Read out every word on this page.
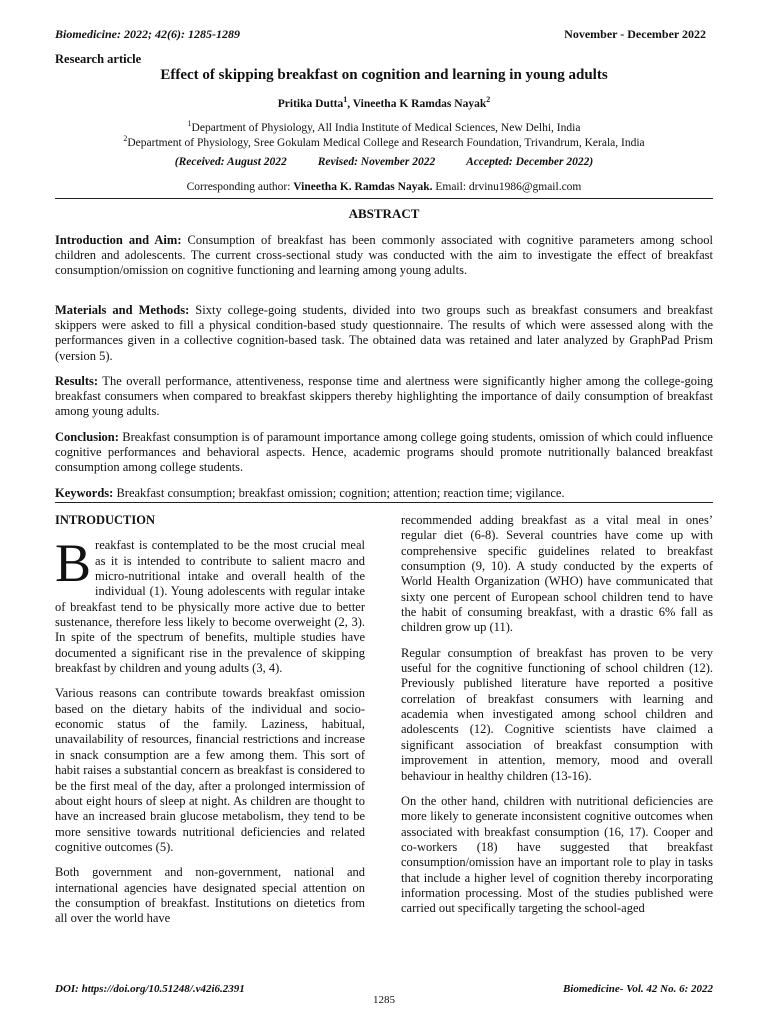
Biomedicine: 2022; 42(6): 1285-1289	November - December 2022
Research article
Effect of skipping breakfast on cognition and learning in young adults
Pritika Dutta$^1$, Vineetha K Ramdas Nayak$^2$
$^1$Department of Physiology, All India Institute of Medical Sciences, New Delhi, India
$^2$Department of Physiology, Sree Gokulam Medical College and Research Foundation, Trivandrum, Kerala, India
(Received: August 2022	Revised: November 2022	Accepted: December 2022)
Corresponding author: Vineetha K. Ramdas Nayak. Email: drvinu1986@gmail.com
ABSTRACT

Introduction and Aim: Consumption of breakfast has been commonly associated with cognitive parameters among school children and adolescents. The current cross-sectional study was conducted with the aim to investigate the effect of breakfast consumption/omission on cognitive functioning and learning among young adults.

Materials and Methods: Sixty college-going students, divided into two groups such as breakfast consumers and breakfast skippers were asked to fill a physical condition-based study questionnaire. The results of which were assessed along with the performances given in a collective cognition-based task. The obtained data was retained and later analyzed by GraphPad Prism (version 5).

Results: The overall performance, attentiveness, response time and alertness were significantly higher among the college-going breakfast consumers when compared to breakfast skippers thereby highlighting the importance of daily consumption of breakfast among young adults.

Conclusion: Breakfast consumption is of paramount importance among college going students, omission of which could influence cognitive performances and behavioral aspects. Hence, academic programs should promote nutritionally balanced breakfast consumption among college students.

Keywords: Breakfast consumption; breakfast omission; cognition; attention; reaction time; vigilance.

INTRODUCTION

Breakfast is contemplated to be the most crucial meal as it is intended to contribute to salient macro and micro-nutritional intake and overall health of the individual (1). Young adolescents with regular intake of breakfast tend to be physically more active due to better sustenance, therefore less likely to become overweight (2, 3). In spite of the spectrum of benefits, multiple studies have documented a significant rise in the prevalence of skipping breakfast by children and young adults (3, 4).

Various reasons can contribute towards breakfast omission based on the dietary habits of the individual and socio-economic status of the family. Laziness, habitual, unavailability of resources, financial restrictions and increase in snack consumption are a few among them. This sort of habit raises a substantial concern as breakfast is considered to be the first meal of the day, after a prolonged intermission of about eight hours of sleep at night. As children are thought to have an increased brain glucose metabolism, they tend to be more sensitive towards nutritional deficiencies and related cognitive outcomes (5).

Both government and non-government, national and international agencies have designated special attention on the consumption of breakfast. Institutions on dietetics from all over the world have

recommended adding breakfast as a vital meal in ones’ regular diet (6-8). Several countries have come up with comprehensive specific guidelines related to breakfast consumption (9, 10). A study conducted by the experts of World Health Organization (WHO) have communicated that sixty one percent of European school children tend to have the habit of consuming breakfast, with a drastic 6% fall as children grow up (11).

Regular consumption of breakfast has proven to be very useful for the cognitive functioning of school children (12). Previously published literature have reported a positive correlation of breakfast consumers with learning and academia when investigated among school children and adolescents (12). Cognitive scientists have claimed a significant association of breakfast consumption with improvement in attention, memory, mood and overall behaviour in healthy children (13-16).

On the other hand, children with nutritional deficiencies are more likely to generate inconsistent cognitive outcomes when associated with breakfast consumption (16, 17). Cooper and co-workers (18) have suggested that breakfast consumption/omission have an important role to play in tasks that include a higher level of cognition thereby incorporating information processing. Most of the studies published were carried out specifically targeting the school-aged

DOI: https://doi.org/10.51248/.v42i6.2391
1285
Biomedicine- Vol. 42 No. 6: 2022
